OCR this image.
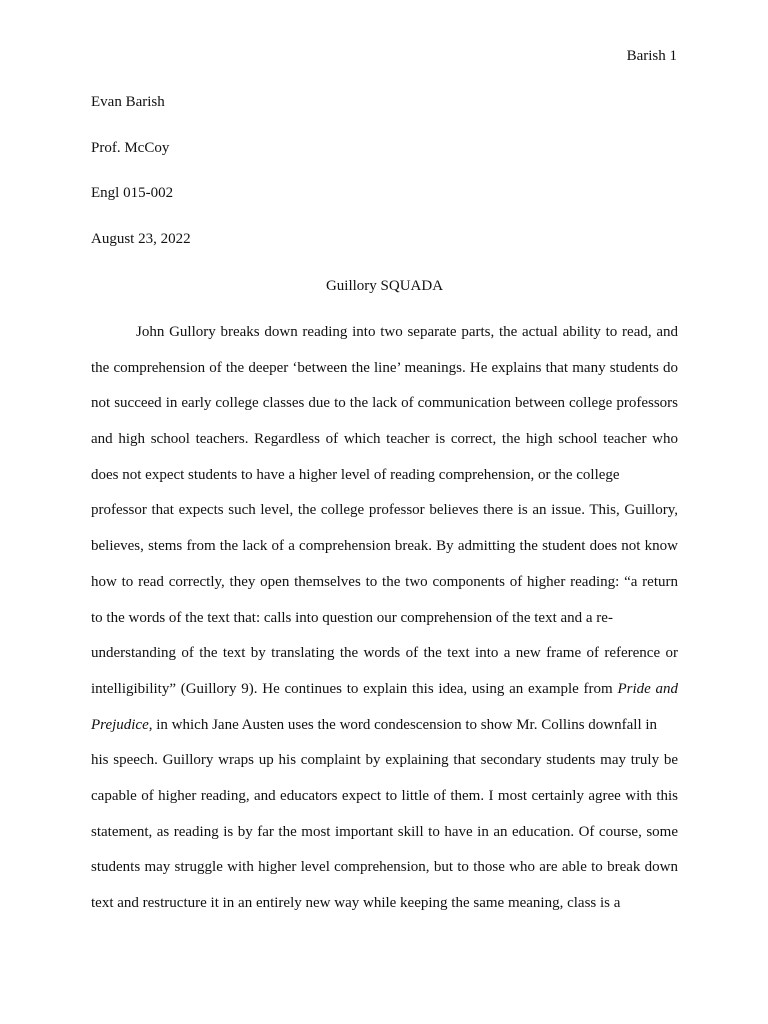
Barish 1
Evan Barish
Prof. McCoy
Engl 015-002
August 23, 2022
Guillory SQUADA
John Gullory breaks down reading into two separate parts, the actual ability to read, and
the comprehension of the deeper ‘between the line’ meanings. He explains that many students do
not succeed in early college classes due to the lack of communication between college professors
and high school teachers. Regardless of which teacher is correct, the high school teacher who
does not expect students to have a higher level of reading comprehension, or the college
professor that expects such level, the college professor believes there is an issue. This, Guillory,
believes, stems from the lack of a comprehension break. By admitting the student does not know
how to read correctly, they open themselves to the two components of higher reading: “a return
to the words of the text that: calls into question our comprehension of the text and a re-
understanding of the text by translating the words of the text into a new frame of reference or
intelligibility” (Guillory 9). He continues to explain this idea, using an example from Pride and
Prejudice, in which Jane Austen uses the word condescension to show Mr. Collins downfall in
his speech. Guillory wraps up his complaint by explaining that secondary students may truly be
capable of higher reading, and educators expect to little of them. I most certainly agree with this
statement, as reading is by far the most important skill to have in an education. Of course, some
students may struggle with higher level comprehension, but to those who are able to break down
text and restructure it in an entirely new way while keeping the same meaning, class is a
